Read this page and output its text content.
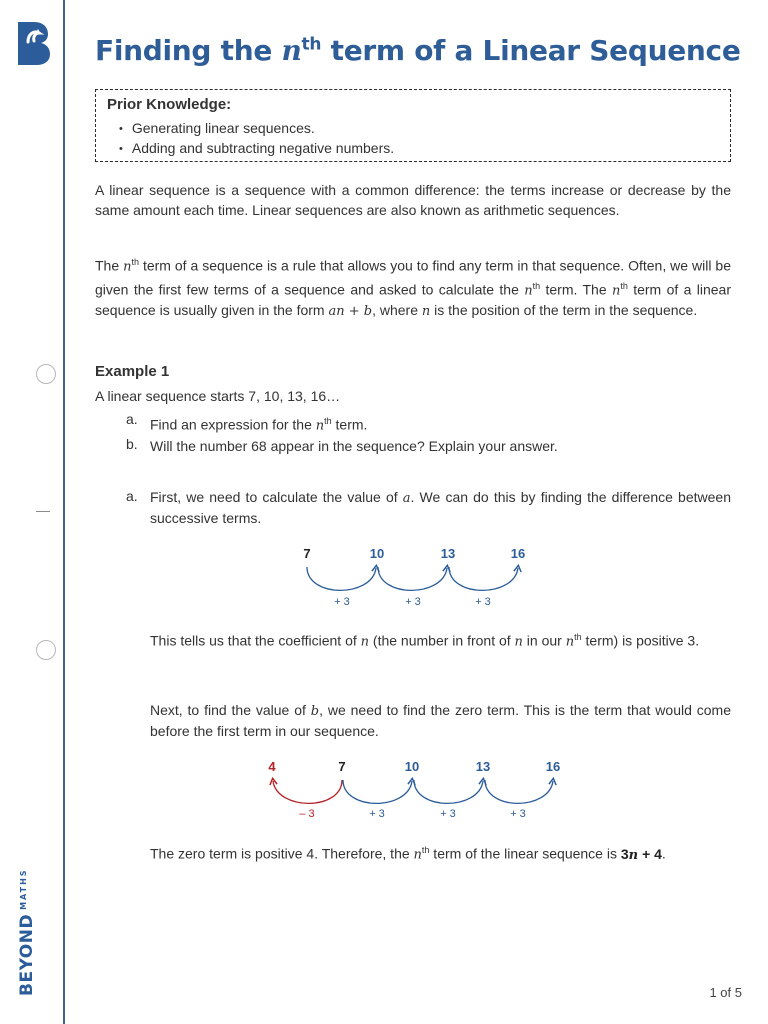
$BEYOND^{MATHS}$
Finding the $n^{th}$ term of a Linear Sequence
Prior Knowledge:
• Generating linear sequences.
• Adding and subtracting negative numbers.

A linear sequence is a sequence with a common difference: the terms increase or decrease by the same amount each time. Linear sequences are also known as arithmetic sequences.

The $n^{th}$ term of a sequence is a rule that allows you to find any term in that sequence. Often, we will be given the first few terms of a sequence and asked to calculate the $n^{th}$ term. The $n^{th}$ term of a linear sequence is usually given in the form an + b, where n is the position of the term in the sequence.

Example 1
A linear sequence starts 7, 10, 13, 16…
a. Find an expression for the $n^{th}$ term.
b. Will the number 68 appear in the sequence? Explain your answer.
a. First, we need to calculate the value of a. We can do this by finding the difference between successive terms.

7	10	13	16
+ 3	+ 3	+ 3
4	7	10	13	16
– 3	+ 3	+ 3	+ 3

This tells us that the coefficient of n (the number in front of n in our $n^{th}$ term) is positive 3.

Next, to find the value of b, we need to find the zero term. This is the term that would come before the first term in our sequence.

The zero term is positive 4. Therefore, the $n^{th}$ term of the linear sequence is 3n + 4.

1 of 5
